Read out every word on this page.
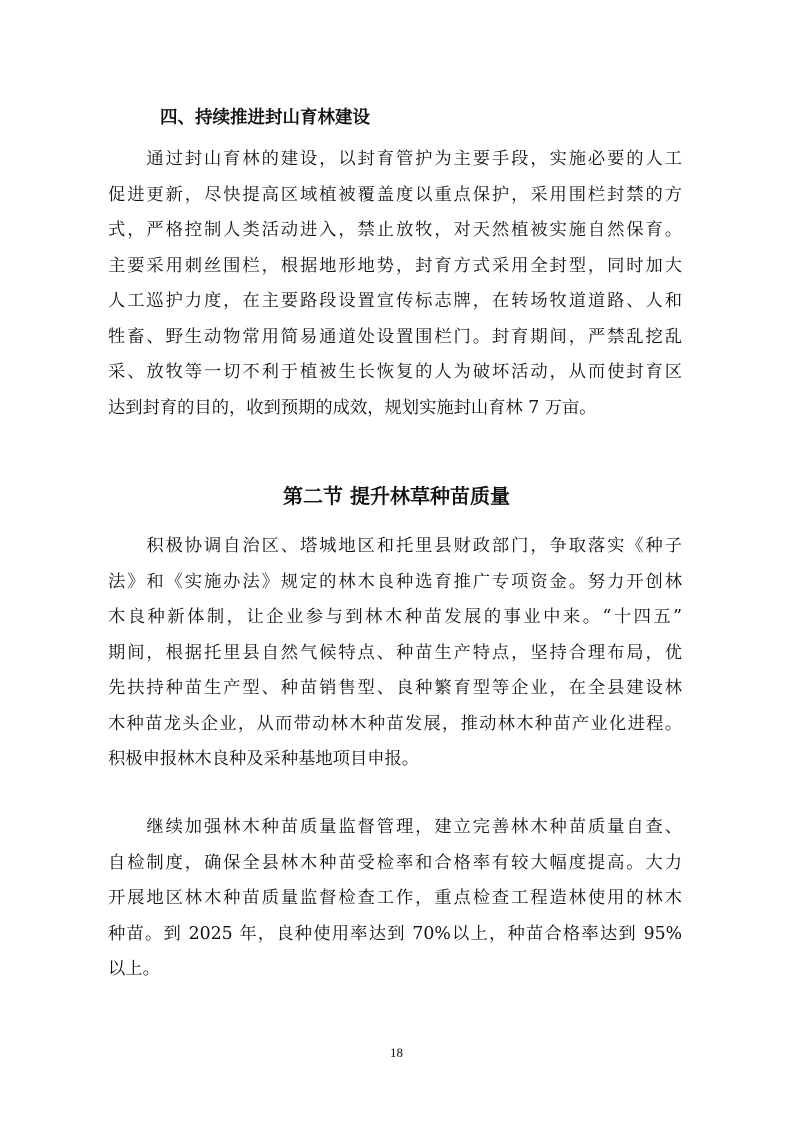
四、持续推进封山育林建设
　　通过封山育林的建设，以封育管护为主要手段，实施必要的人工
促进更新，尽快提高区域植被覆盖度以重点保护，采用围栏封禁的方
式，严格控制人类活动进入，禁止放牧，对天然植被实施自然保育。
主要采用刺丝围栏，根据地形地势，封育方式采用全封型，同时加大
人工巡护力度，在主要路段设置宣传标志牌，在转场牧道道路、人和
牲畜、野生动物常用简易通道处设置围栏门。封育期间，严禁乱挖乱
采、放牧等一切不利于植被生长恢复的人为破坏活动，从而使封育区
达到封育的目的，收到预期的成效，规划实施封山育林 7 万亩。
第二节 提升林草种苗质量
　　积极协调自治区、塔城地区和托里县财政部门，争取落实《种子
法》和《实施办法》规定的林木良种选育推广专项资金。努力开创林
木良种新体制，让企业参与到林木种苗发展的事业中来。“十四五”
期间，根据托里县自然气候特点、种苗生产特点，坚持合理布局，优
先扶持种苗生产型、种苗销售型、良种繁育型等企业，在全县建设林
木种苗龙头企业，从而带动林木种苗发展，推动林木种苗产业化进程。
积极申报林木良种及采种基地项目申报。
　　继续加强林木种苗质量监督管理，建立完善林木种苗质量自查、
自检制度，确保全县林木种苗受检率和合格率有较大幅度提高。大力
开展地区林木种苗质量监督检查工作，重点检查工程造林使用的林木
种苗。到 2025 年，良种使用率达到 70%以上，种苗合格率达到 95%
以上。
18
